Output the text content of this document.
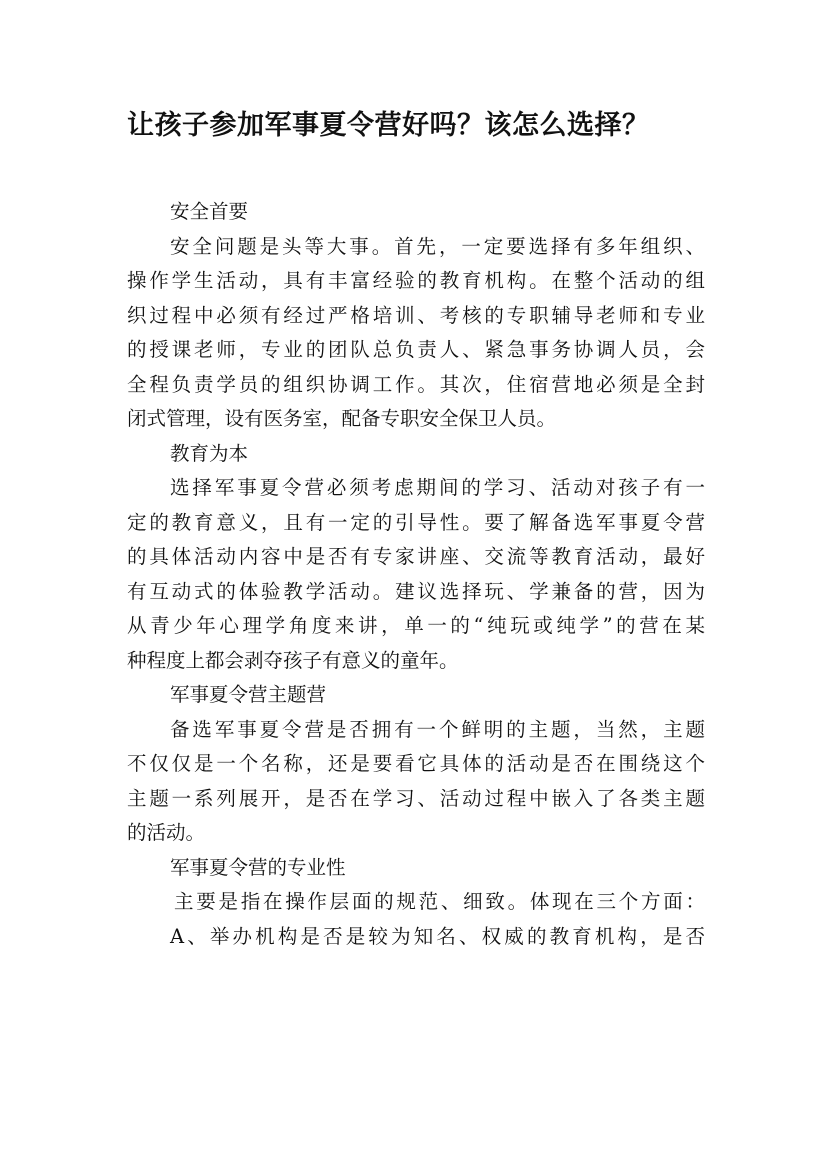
让孩子参加军事夏令营好吗？该怎么选择？
安全首要
安全问题是头等大事。首先，一定要选择有多年组织、
操作学生活动，具有丰富经验的教育机构。在整个活动的组
织过程中必须有经过严格培训、考核的专职辅导老师和专业
的授课老师，专业的团队总负责人、紧急事务协调人员，会
全程负责学员的组织协调工作。其次，住宿营地必须是全封
闭式管理，设有医务室，配备专职安全保卫人员。
教育为本
选择军事夏令营必须考虑期间的学习、活动对孩子有一
定的教育意义，且有一定的引导性。要了解备选军事夏令营
的具体活动内容中是否有专家讲座、交流等教育活动，最好
有互动式的体验教学活动。建议选择玩、学兼备的营，因为
从青少年心理学角度来讲，单一的“纯玩或纯学”的营在某
种程度上都会剥夺孩子有意义的童年。
军事夏令营主题营
备选军事夏令营是否拥有一个鲜明的主题，当然，主题
不仅仅是一个名称，还是要看它具体的活动是否在围绕这个
主题一系列展开，是否在学习、活动过程中嵌入了各类主题
的活动。
军事夏令营的专业性
主要是指在操作层面的规范、细致。体现在三个方面：
A、举办机构是否是较为知名、权威的教育机构，是否
